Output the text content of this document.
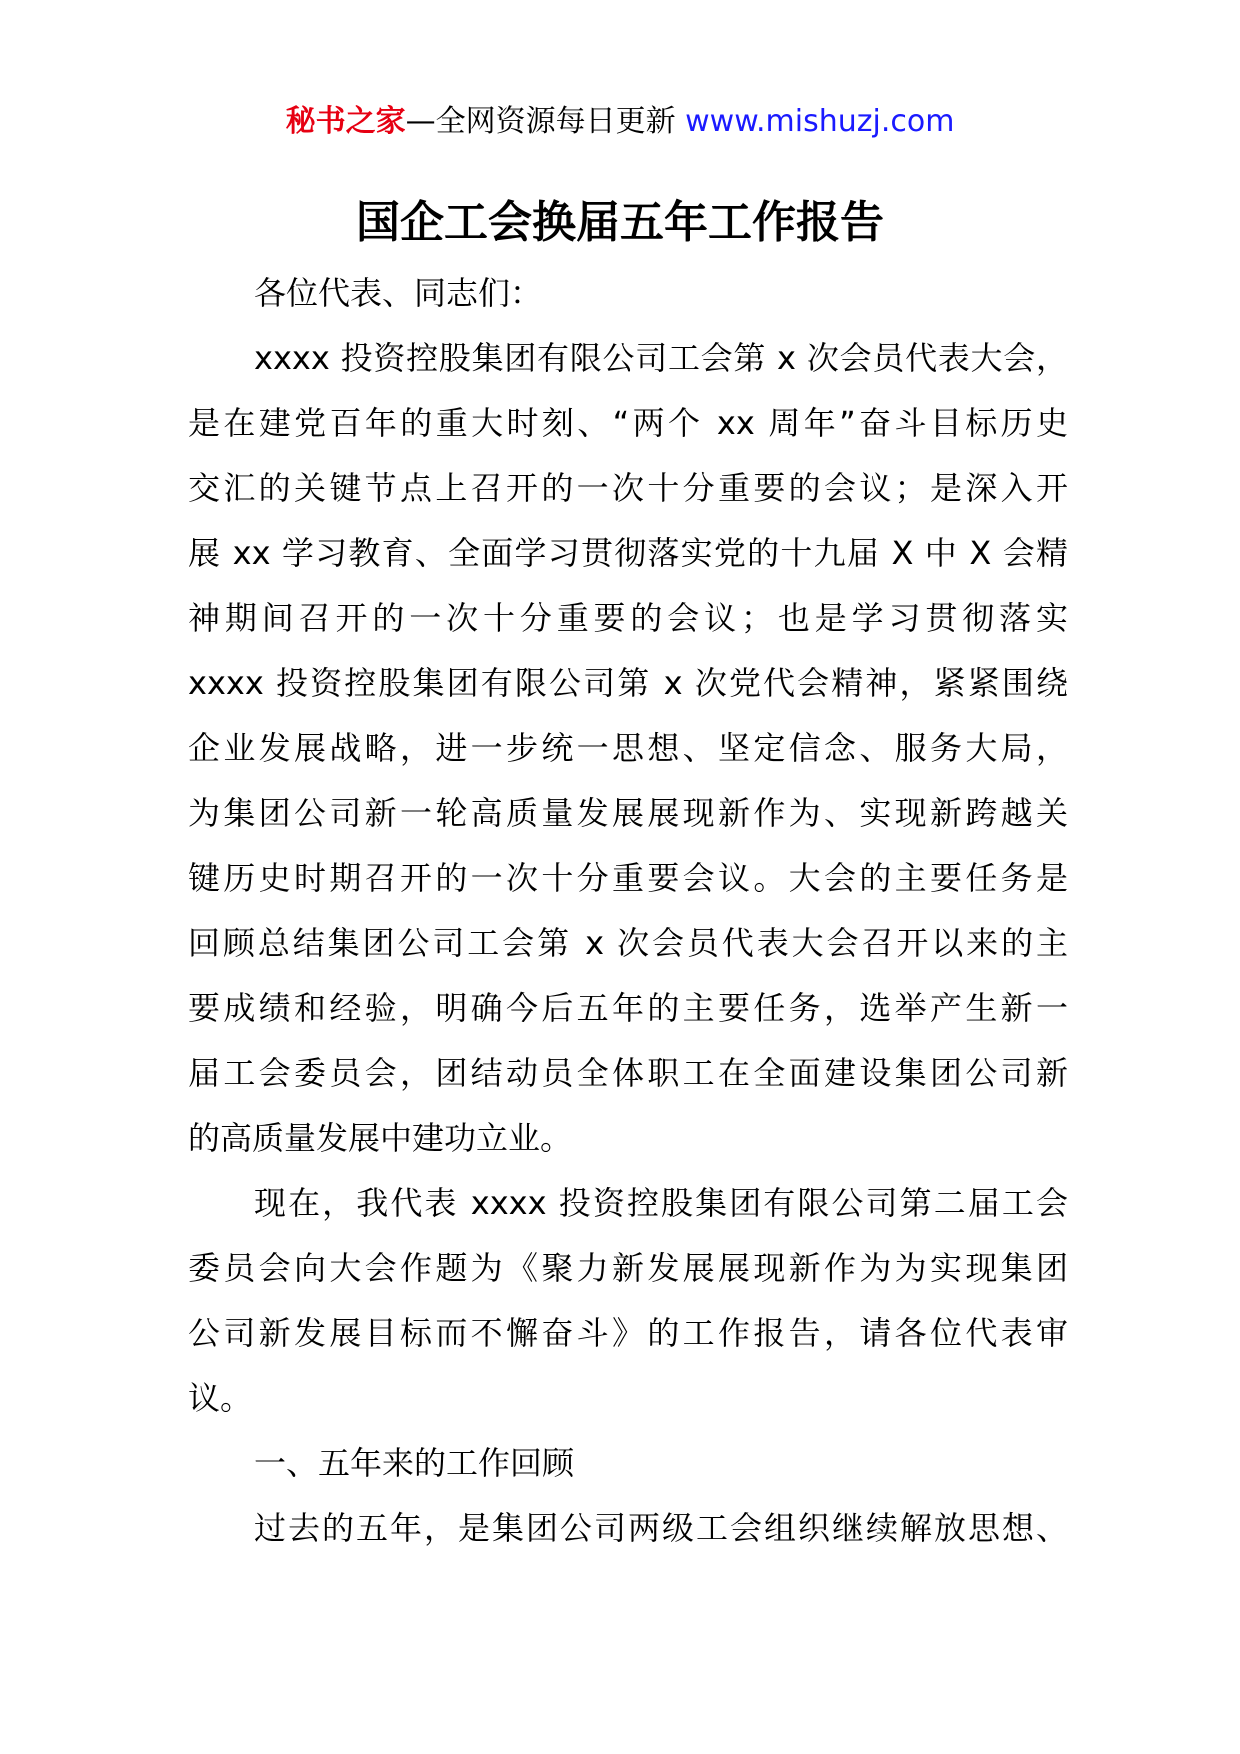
秘书之家—全网资源每日更新 www.mishuzj.com
国企工会换届五年工作报告
各位代表、同志们：
xxxx 投资控股集团有限公司工会第 x 次会员代表大会，
是在建党百年的重大时刻、“两个 xx 周年”奋斗目标历史
交汇的关键节点上召开的一次十分重要的会议；是深入开
展 xx 学习教育、全面学习贯彻落实党的十九届 X 中 X 会精
神期间召开的一次十分重要的会议；也是学习贯彻落实
xxxx 投资控股集团有限公司第 x 次党代会精神，紧紧围绕
企业发展战略，进一步统一思想、坚定信念、服务大局，
为集团公司新一轮高质量发展展现新作为、实现新跨越关
键历史时期召开的一次十分重要会议。大会的主要任务是
回顾总结集团公司工会第 x 次会员代表大会召开以来的主
要成绩和经验，明确今后五年的主要任务，选举产生新一
届工会委员会，团结动员全体职工在全面建设集团公司新
的高质量发展中建功立业。
现在，我代表 xxxx 投资控股集团有限公司第二届工会
委员会向大会作题为《聚力新发展展现新作为为实现集团
公司新发展目标而不懈奋斗》的工作报告，请各位代表审
议。
一、五年来的工作回顾
过去的五年，是集团公司两级工会组织继续解放思想、
